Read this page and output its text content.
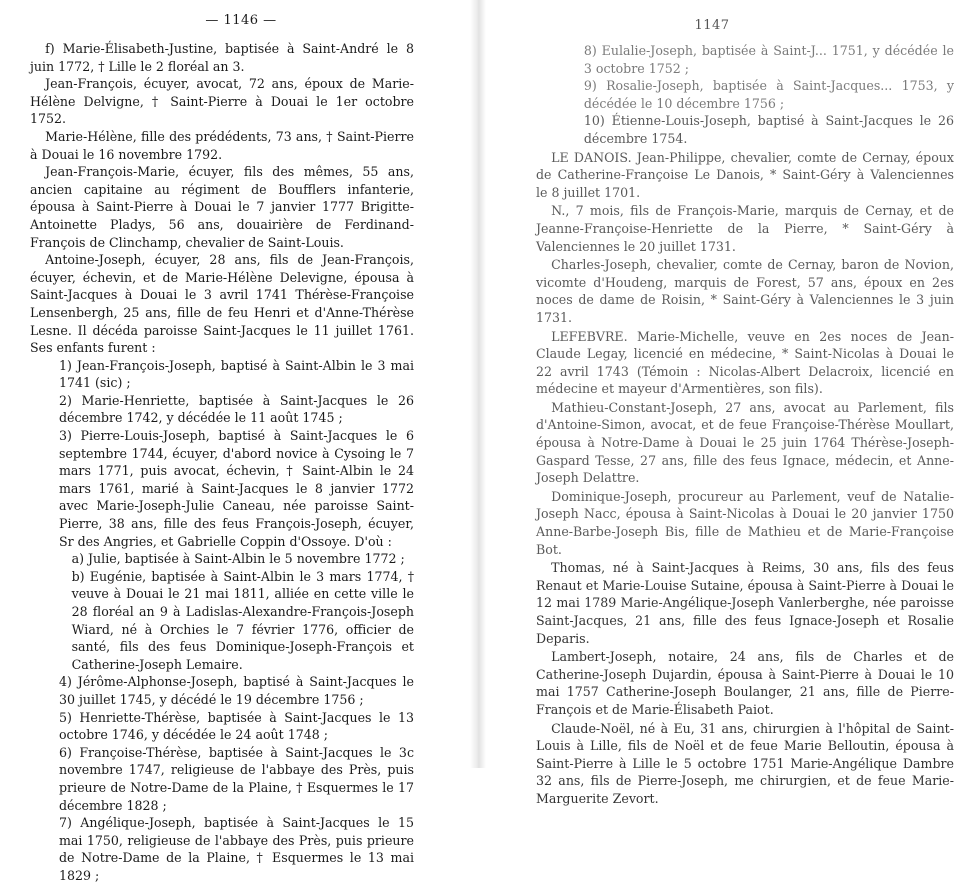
— 1146 —

f) Marie-Élisabeth-Justine, baptisée à Saint-André le 8 juin 1772, † Lille le 2 floréal an 3.

Jean-François, écuyer, avocat, 72 ans, époux de Marie-Hélène Delvigne, † Saint-Pierre à Douai le 1er octobre 1752.

Marie-Hélène, fille des prédédents, 73 ans, † Saint-Pierre à Douai le 16 novembre 1792.

Jean-François-Marie, écuyer, fils des mêmes, 55 ans, ancien capitaine au régiment de Boufflers infanterie, épousa à Saint-Pierre à Douai le 7 janvier 1777 Brigitte-Antoinette Pladys, 56 ans, douairière de Ferdinand-François de Clinchamp, chevalier de Saint-Louis.

Antoine-Joseph, écuyer, 28 ans, fils de Jean-François, écuyer, échevin, et de Marie-Hélène Delevigne, épousa à Saint-Jacques à Douai le 3 avril 1741 Thérèse-Françoise Lensenbergh, 25 ans, fille de feu Henri et d'Anne-Thérèse Lesne. Il décéda paroisse Saint-Jacques le 11 juillet 1761. Ses enfants furent :

1) Jean-François-Joseph, baptisé à Saint-Albin le 3 mai 1741 (sic) ;

2) Marie-Henriette, baptisée à Saint-Jacques le 26 décembre 1742, y décédée le 11 août 1745 ;

3) Pierre-Louis-Joseph, baptisé à Saint-Jacques le 6 septembre 1744, écuyer, d'abord novice à Cysoing le 7 mars 1771, puis avocat, échevin, † Saint-Albin le 24 mars 1761, marié à Saint-Jacques le 8 janvier 1772 avec Marie-Joseph-Julie Caneau, née paroisse Saint-Pierre, 38 ans, fille des feus François-Joseph, écuyer, Sr des Angries, et Gabrielle Coppin d'Ossoye. D'où :

a) Julie, baptisée à Saint-Albin le 5 novembre 1772 ;

b) Eugénie, baptisée à Saint-Albin le 3 mars 1774, † veuve à Douai le 21 mai 1811, alliée en cette ville le 28 floréal an 9 à Ladislas-Alexandre-François-Joseph Wiard, né à Orchies le 7 février 1776, officier de santé, fils des feus Dominique-Joseph-François et Catherine-Joseph Lemaire.

4) Jérôme-Alphonse-Joseph, baptisé à Saint-Jacques le 30 juillet 1745, y décédé le 19 décembre 1756 ;

5) Henriette-Thérèse, baptisée à Saint-Jacques le 13 octobre 1746, y décédée le 24 août 1748 ;

6) Françoise-Thérèse, baptisée à Saint-Jacques le 3c novembre 1747, religieuse de l'abbaye des Près, puis prieure de Notre-Dame de la Plaine, † Esquermes le 17 décembre 1828 ;

7) Angélique-Joseph, baptisée à Saint-Jacques le 15 mai 1750, religieuse de l'abbaye des Près, puis prieure de Notre-Dame de la Plaine, † Esquermes le 13 mai 1829 ;

1147

8) Eulalie-Joseph, baptisée à Saint-J... 1751, y décédée le 3 octobre 1752 ;

9) Rosalie-Joseph, baptisée à Saint-Jacques... 1753, y décédée le 10 décembre 1756 ;

10) Étienne-Louis-Joseph, baptisé à Saint-Jacques le 26 décembre 1754.

LE DANOIS. Jean-Philippe, chevalier, comte de Cernay, époux de Catherine-Françoise Le Danois, * Saint-Géry à Valenciennes le 8 juillet 1701.

N., 7 mois, fils de François-Marie, marquis de Cernay, et de Jeanne-Françoise-Henriette de la Pierre, * Saint-Géry à Valenciennes le 20 juillet 1731.

Charles-Joseph, chevalier, comte de Cernay, baron de Novion, vicomte d'Houdeng, marquis de Forest, 57 ans, époux en 2es noces de dame de Roisin, * Saint-Géry à Valenciennes le 3 juin 1731.

LEFEBVRE. Marie-Michelle, veuve en 2es noces de Jean-Claude Legay, licencié en médecine, * Saint-Nicolas à Douai le 22 avril 1743 (Témoin : Nicolas-Albert Delacroix, licencié en médecine et mayeur d'Armentières, son fils).

Mathieu-Constant-Joseph, 27 ans, avocat au Parlement, fils d'Antoine-Simon, avocat, et de feue Françoise-Thérèse Moullart, épousa à Notre-Dame à Douai le 25 juin 1764 Thérèse-Joseph-Gaspard Tesse, 27 ans, fille des feus Ignace, médecin, et Anne-Joseph Delattre.

Dominique-Joseph, procureur au Parlement, veuf de Natalie-Joseph Nacc, épousa à Saint-Nicolas à Douai le 20 janvier 1750 Anne-Barbe-Joseph Bis, fille de Mathieu et de Marie-Françoise Bot.

Thomas, né à Saint-Jacques à Reims, 30 ans, fils des feus Renaut et Marie-Louise Sutaine, épousa à Saint-Pierre à Douai le 12 mai 1789 Marie-Angélique-Joseph Vanlerberghe, née paroisse Saint-Jacques, 21 ans, fille des feus Ignace-Joseph et Rosalie Deparis.

Lambert-Joseph, notaire, 24 ans, fils de Charles et de Catherine-Joseph Dujardin, épousa à Saint-Pierre à Douai le 10 mai 1757 Catherine-Joseph Boulanger, 21 ans, fille de Pierre-François et de Marie-Élisabeth Paiot.

Claude-Noël, né à Eu, 31 ans, chirurgien à l'hôpital de Saint-Louis à Lille, fils de Noël et de feue Marie Belloutin, épousa à Saint-Pierre à Lille le 5 octobre 1751 Marie-Angélique Dambre 32 ans, fils de Pierre-Joseph, me chirurgien, et de feue Marie-Marguerite Zevort.
